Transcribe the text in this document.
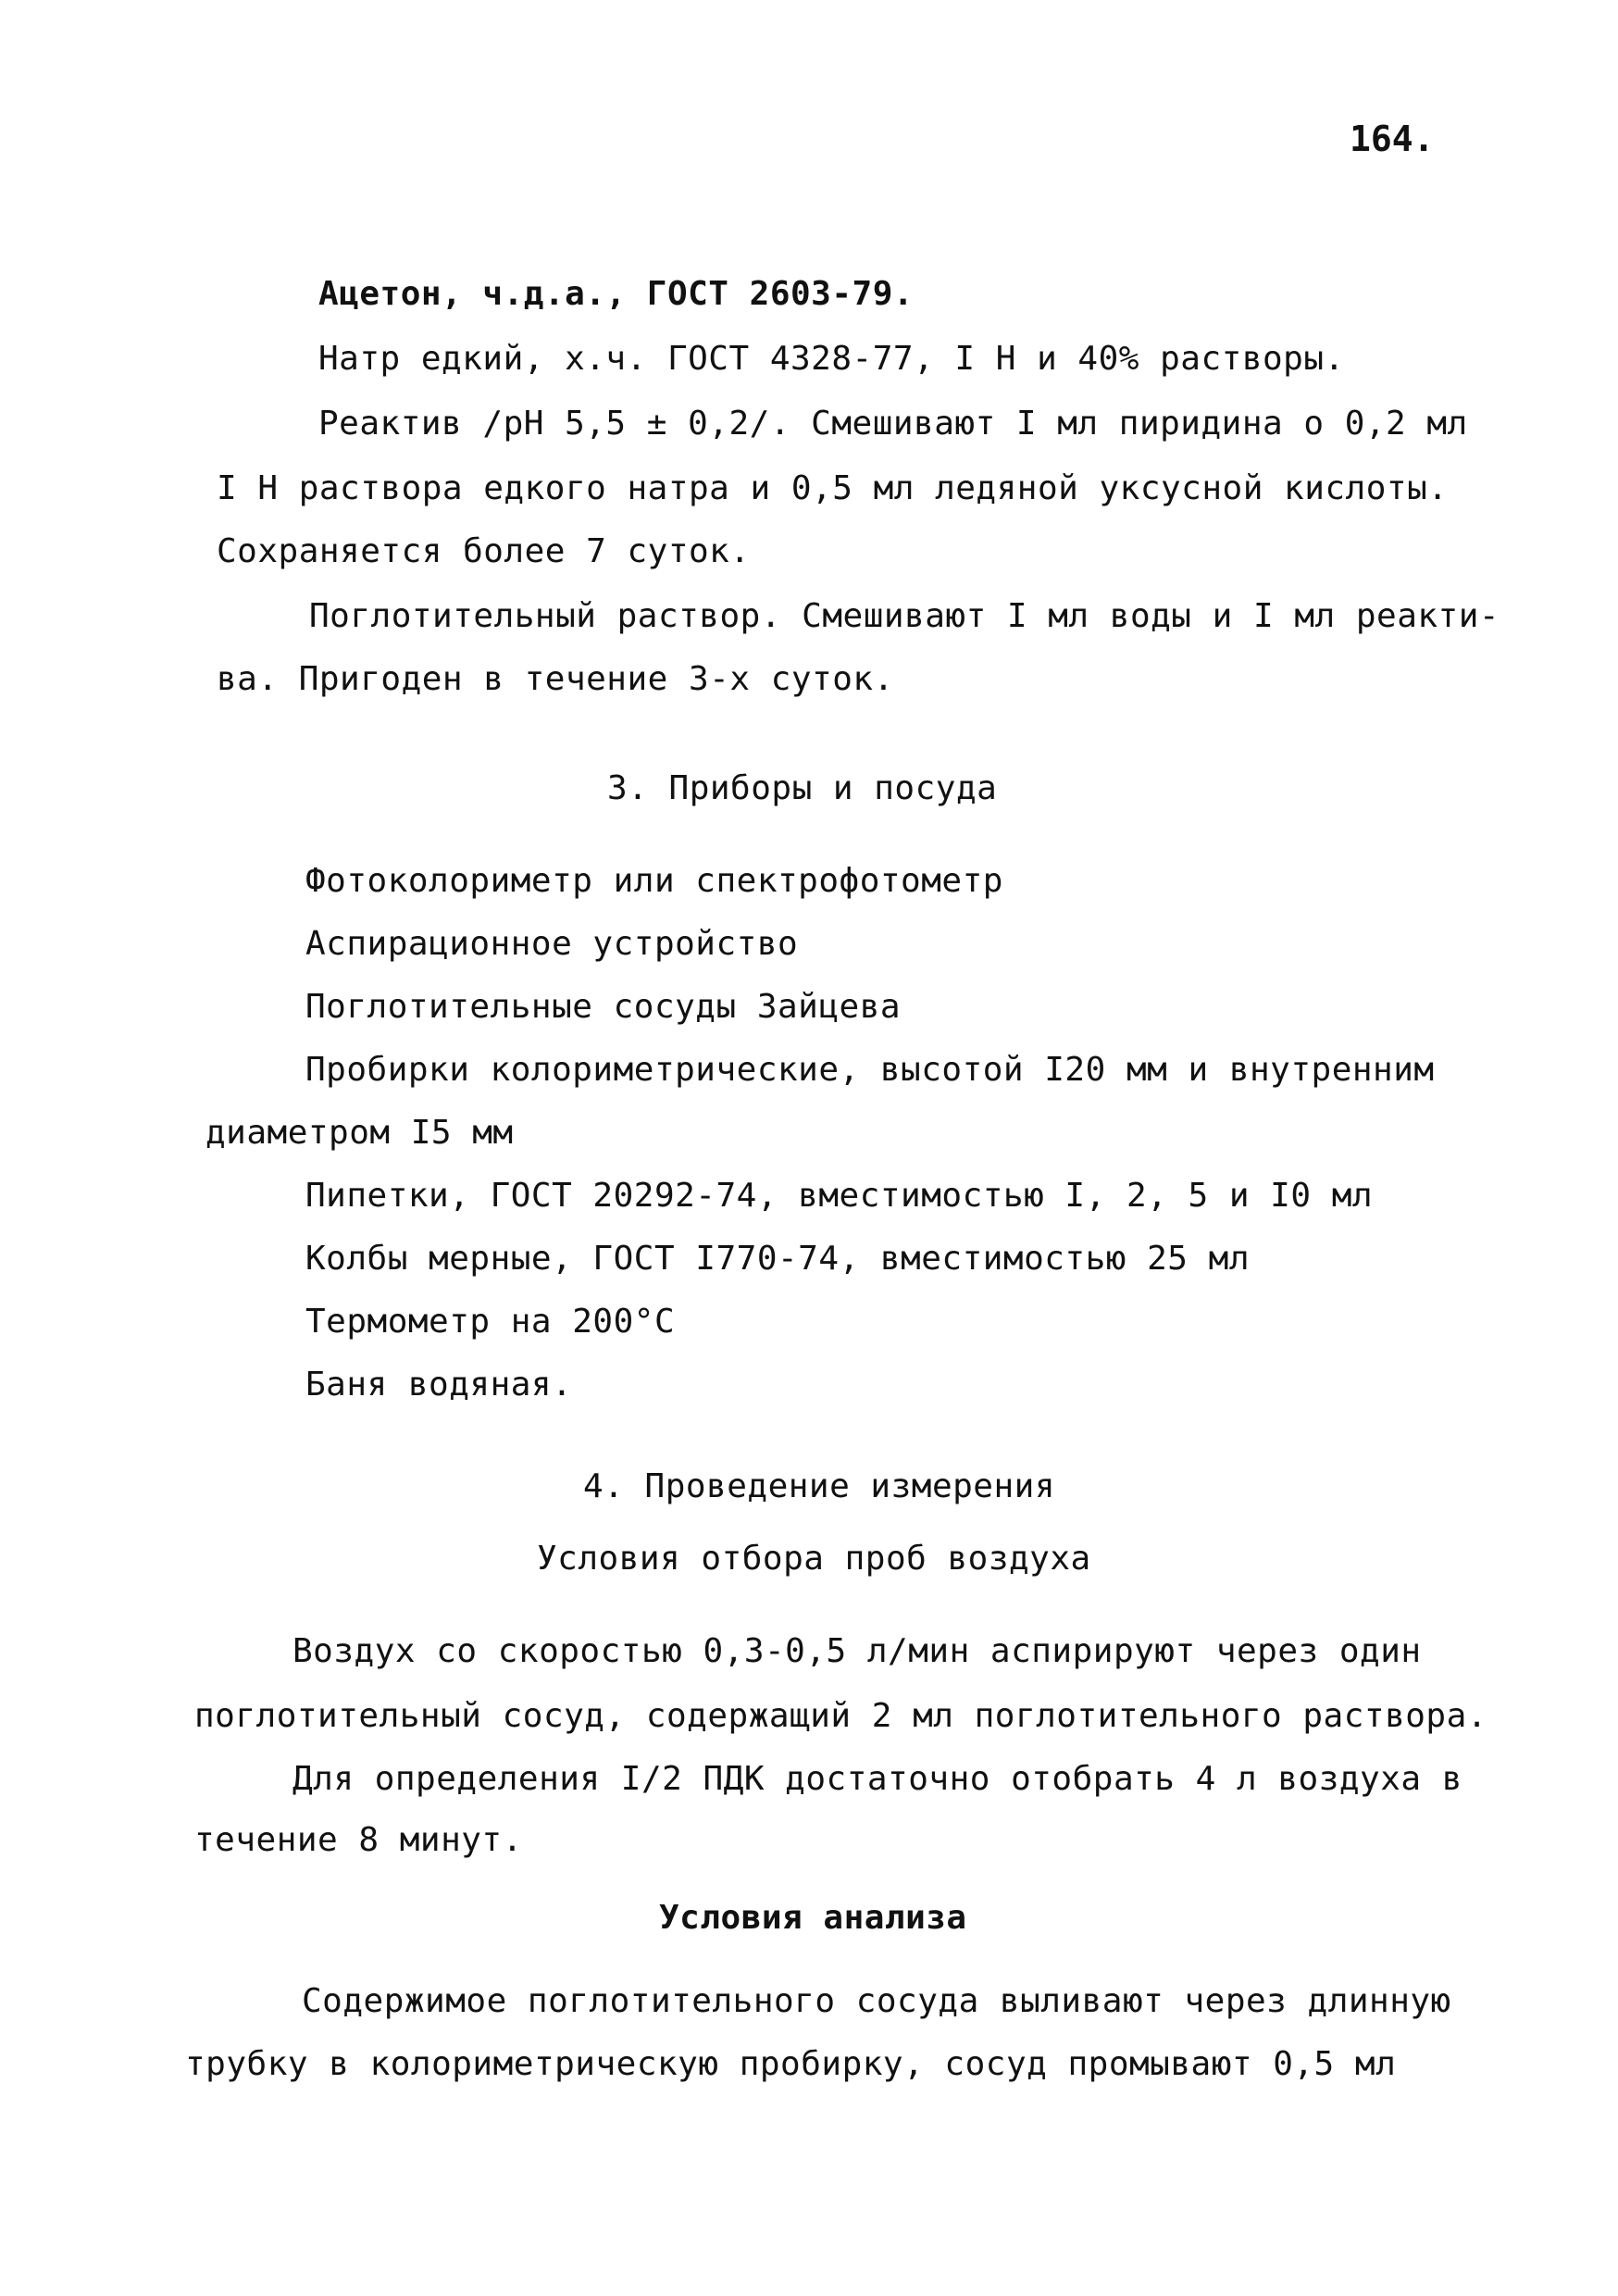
164.
Ацетон, ч.д.а., ГОСТ 2603-79.
Натр едкий, х.ч. ГОСТ 4328-77, I Н и 40% растворы.
Реактив /рН 5,5 ± 0,2/. Смешивают I мл пиридина о 0,2 мл
I Н раствора едкого натра и 0,5 мл ледяной уксусной кислоты.
Сохраняется более 7 суток.
Поглотительный раствор. Смешивают I мл воды и I мл реакти-
ва. Пригоден в течение 3-х суток.
3. Приборы и посуда
Фотоколориметр или спектрофотометр
Аспирационное устройство
Поглотительные сосуды Зайцева
Пробирки колориметрические, высотой I20 мм и внутренним
диаметром I5 мм
Пипетки, ГОСТ 20292-74, вместимостью I, 2, 5 и I0 мл
Колбы мерные, ГОСТ I770-74, вместимостью 25 мл
Термометр на 200°С
Баня водяная.
4. Проведение измерения
Условия отбора проб воздуха
Воздух со скоростью 0,3-0,5 л/мин аспирируют через один
поглотительный сосуд, содержащий 2 мл поглотительного раствора.
Для определения I/2 ПДК достаточно отобрать 4 л воздуха в
течение 8 минут.
Условия анализа
Содержимое поглотительного сосуда выливают через длинную
трубку в колориметрическую пробирку, сосуд промывают 0,5 мл
